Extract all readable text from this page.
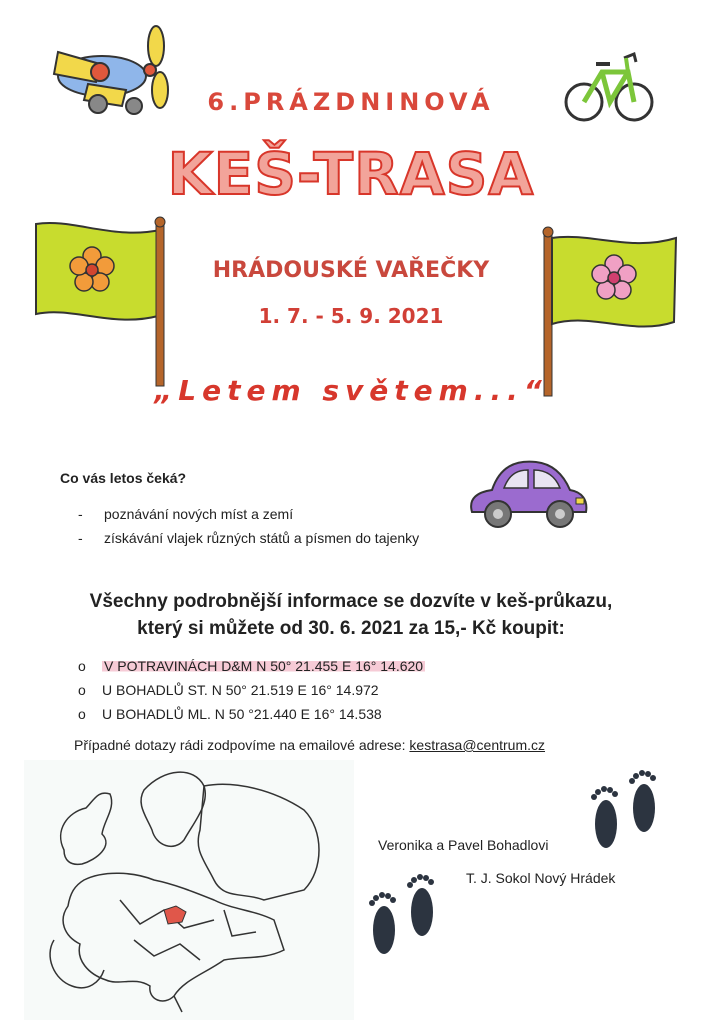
6.PRÁZDNINOVÁ
KEŠ-TRASA
HRÁDOUSKÉ VAŘEČKY
1. 7. - 5. 9. 2021
„Letem světem...“
Co vás letos čeká?
- poznávání nových míst a zemí
- získávání vlajek různých států a písmen do tajenky
Všechny podrobnější informace se dozvíte v keš-průkazu,
který si můžete od 30. 6. 2021 za 15,- Kč koupit:
o V POTRAVINÁCH D&M N 50° 21.455 E 16° 14.620
o U BOHADLŮ ST. N 50° 21.519 E 16° 14.972
o U BOHADLŮ ML. N 50 °21.440 E 16° 14.538
Případné dotazy rádi zodpovíme na emailové adrese: kestrasa@centrum.cz
Veronika a Pavel Bohadlovi
T. J. Sokol Nový Hrádek
